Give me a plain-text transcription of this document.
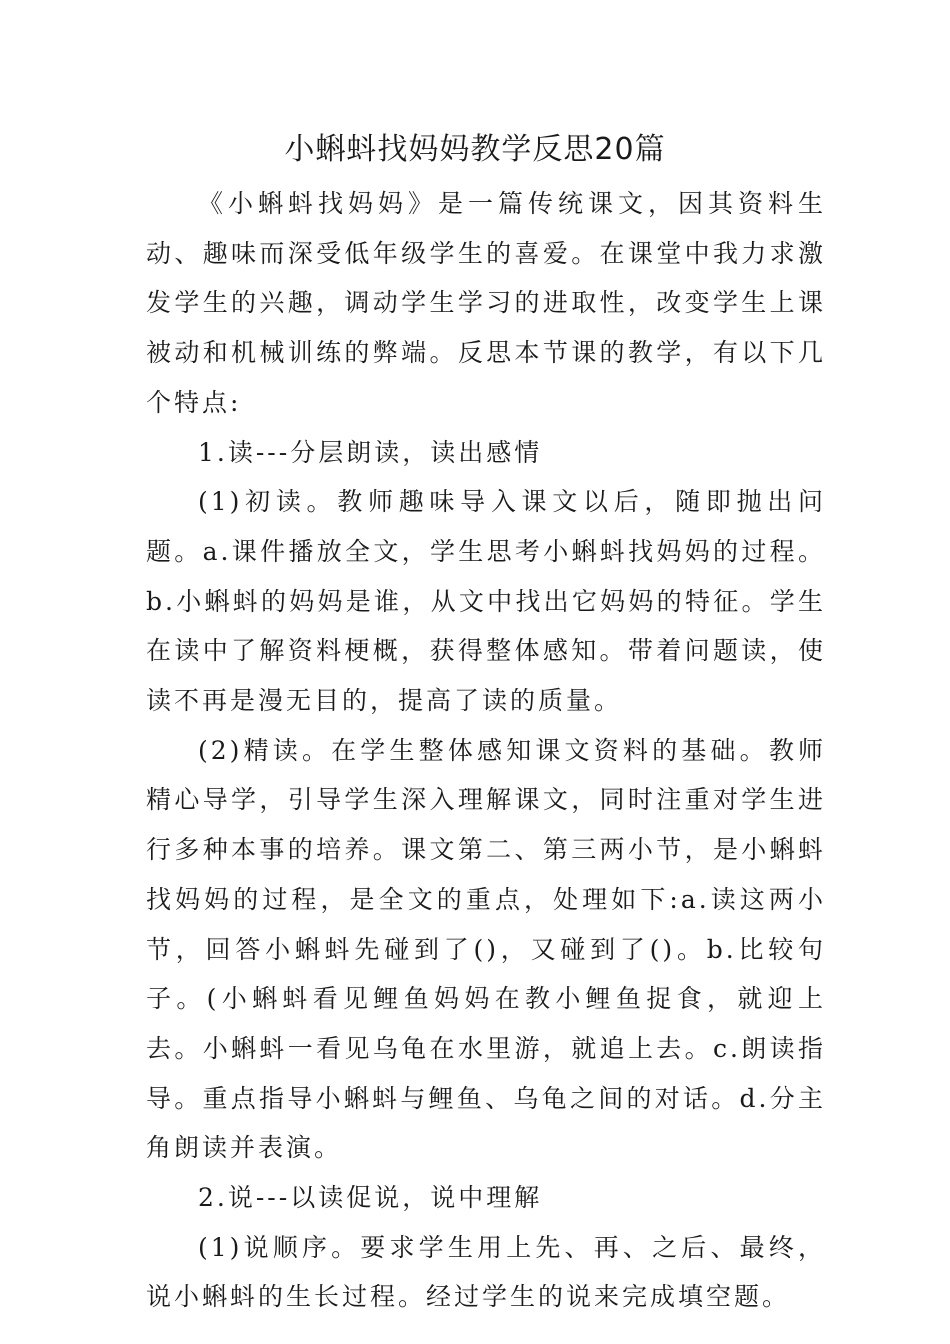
小蝌蚪找妈妈教学反思20篇

《小蝌蚪找妈妈》是一篇传统课文，因其资料生动、趣味而深受低年级学生的喜爱。在课堂中我力求激发学生的兴趣，调动学生学习的进取性，改变学生上课被动和机械训练的弊端。反思本节课的教学，有以下几个特点:

1.读---分层朗读，读出感情

(1)初读。教师趣味导入课文以后，随即抛出问题。a.课件播放全文，学生思考小蝌蚪找妈妈的过程。b.小蝌蚪的妈妈是谁，从文中找出它妈妈的特征。学生在读中了解资料梗概，获得整体感知。带着问题读，使读不再是漫无目的，提高了读的质量。

(2)精读。在学生整体感知课文资料的基础。教师精心导学，引导学生深入理解课文，同时注重对学生进行多种本事的培养。课文第二、第三两小节，是小蝌蚪找妈妈的过程，是全文的重点，处理如下:a.读这两小节，回答小蝌蚪先碰到了()，又碰到了()。b.比较句子。(小蝌蚪看见鲤鱼妈妈在教小鲤鱼捉食，就迎上去。小蝌蚪一看见乌龟在水里游，就追上去。c.朗读指导。重点指导小蝌蚪与鲤鱼、乌龟之间的对话。d.分主角朗读并表演。

2.说---以读促说，说中理解

(1)说顺序。要求学生用上先、再、之后、最终，说小蝌蚪的生长过程。经过学生的说来完成填空题。
